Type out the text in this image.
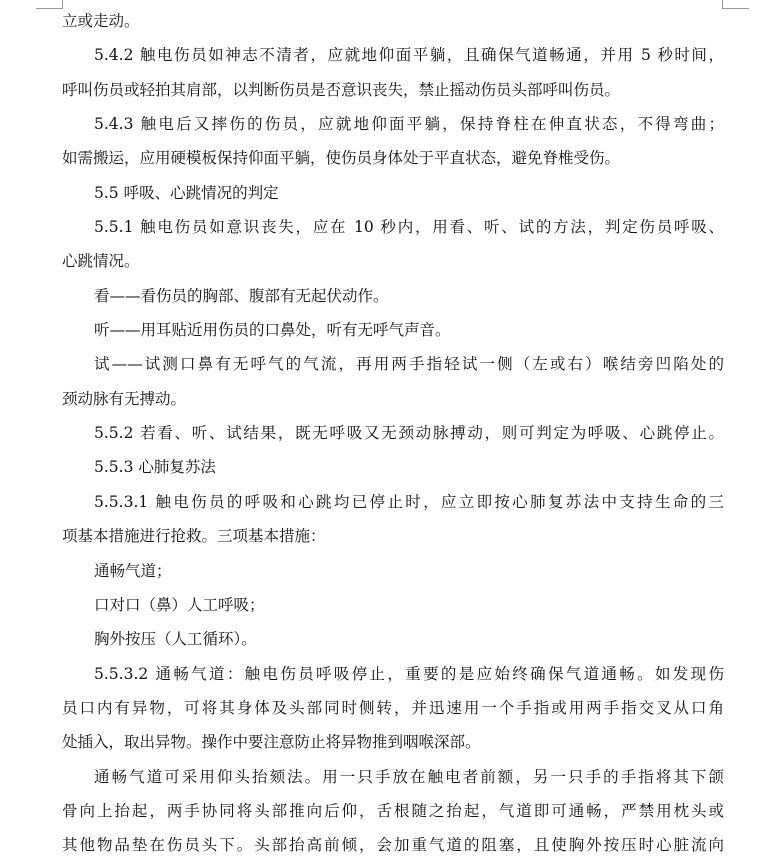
立或走动。
5.4.2 触电伤员如神志不清者，应就地仰面平躺，且确保气道畅通，并用 5 秒时间，
呼叫伤员或轻拍其肩部，以判断伤员是否意识丧失，禁止摇动伤员头部呼叫伤员。
5.4.3 触电后又摔伤的伤员，应就地仰面平躺，保持脊柱在伸直状态，不得弯曲；
如需搬运，应用硬模板保持仰面平躺，使伤员身体处于平直状态，避免脊椎受伤。
5.5 呼吸、心跳情况的判定
5.5.1 触电伤员如意识丧失，应在 10 秒内，用看、听、试的方法，判定伤员呼吸、
心跳情况。
看——看伤员的胸部、腹部有无起伏动作。
听——用耳贴近用伤员的口鼻处，听有无呼气声音。
试——试测口鼻有无呼气的气流，再用两手指轻试一侧（左或右）喉结旁凹陷处的
颈动脉有无搏动。
5.5.2 若看、听、试结果，既无呼吸又无颈动脉搏动，则可判定为呼吸、心跳停止。
5.5.3 心肺复苏法
5.5.3.1 触电伤员的呼吸和心跳均已停止时，应立即按心肺复苏法中支持生命的三
项基本措施进行抢救。三项基本措施：
通畅气道；
口对口（鼻）人工呼吸；
胸外按压（人工循环）。
5.5.3.2 通畅气道：触电伤员呼吸停止，重要的是应始终确保气道通畅。如发现伤
员口内有异物，可将其身体及头部同时侧转，并迅速用一个手指或用两手指交叉从口角
处插入，取出异物。操作中要注意防止将异物推到咽喉深部。
通畅气道可采用仰头抬颏法。用一只手放在触电者前额，另一只手的手指将其下颌
骨向上抬起，两手协同将头部推向后仰，舌根随之抬起，气道即可通畅，严禁用枕头或
其他物品垫在伤员头下。头部抬高前倾，会加重气道的阻塞，且使胸外按压时心脏流向
